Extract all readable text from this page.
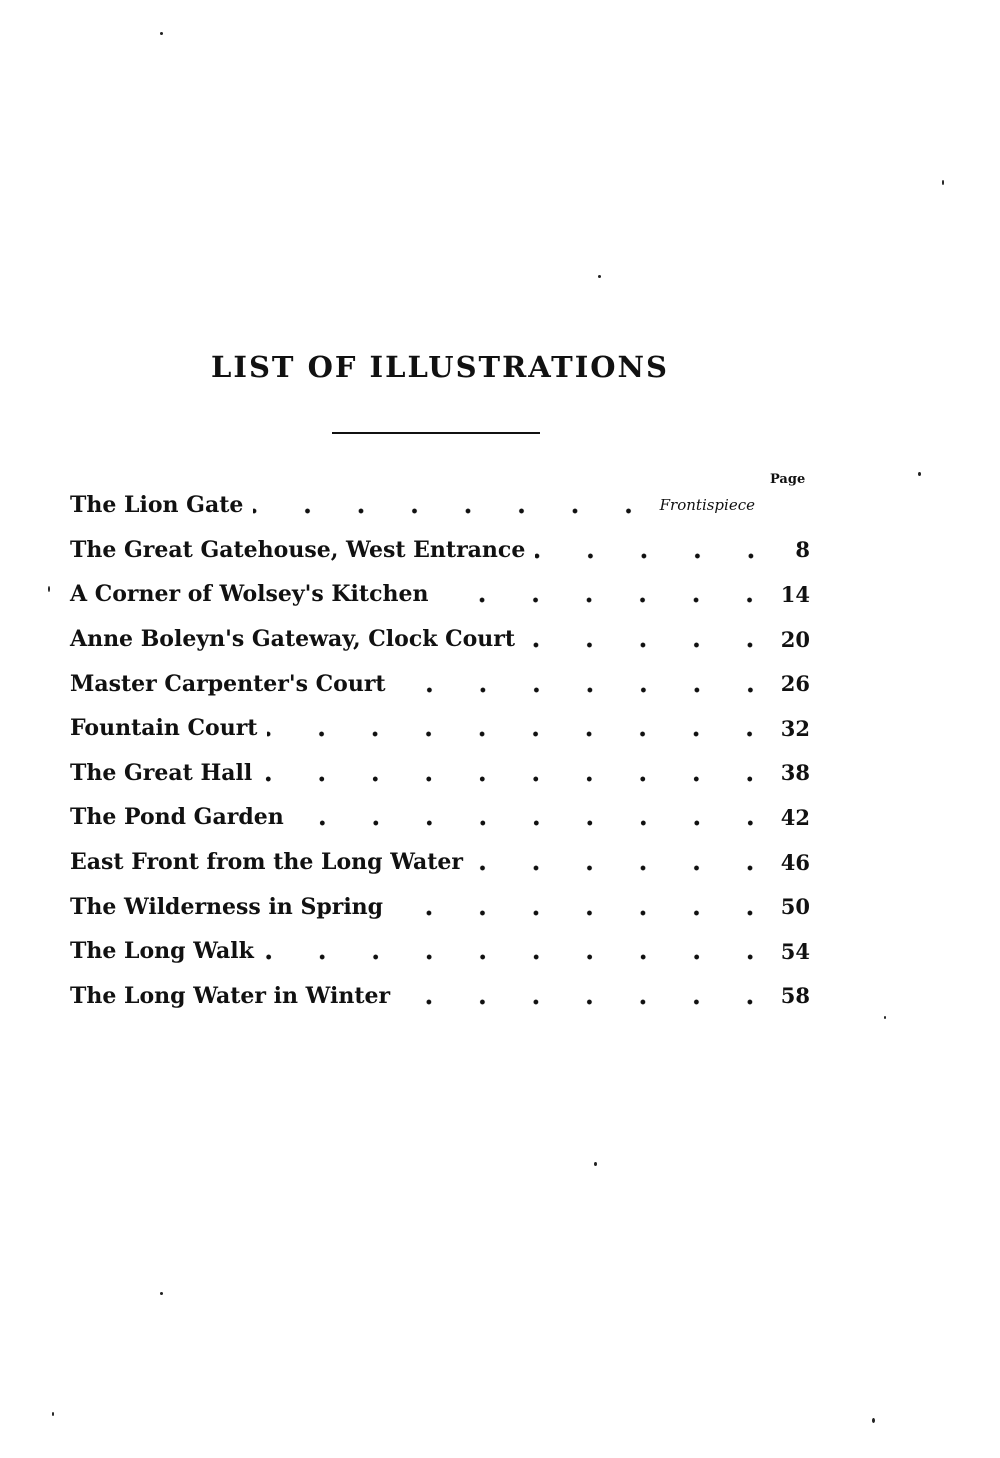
LIST OF ILLUSTRATIONS
Page
The Lion Gate	Frontispiece
The Great Gatehouse, West Entrance	8
A Corner of Wolsey's Kitchen	14
Anne Boleyn's Gateway, Clock Court	20
Master Carpenter's Court	26
Fountain Court	32
The Great Hall	38
The Pond Garden	42
East Front from the Long Water	46
The Wilderness in Spring	50
The Long Walk	54
The Long Water in Winter	58
